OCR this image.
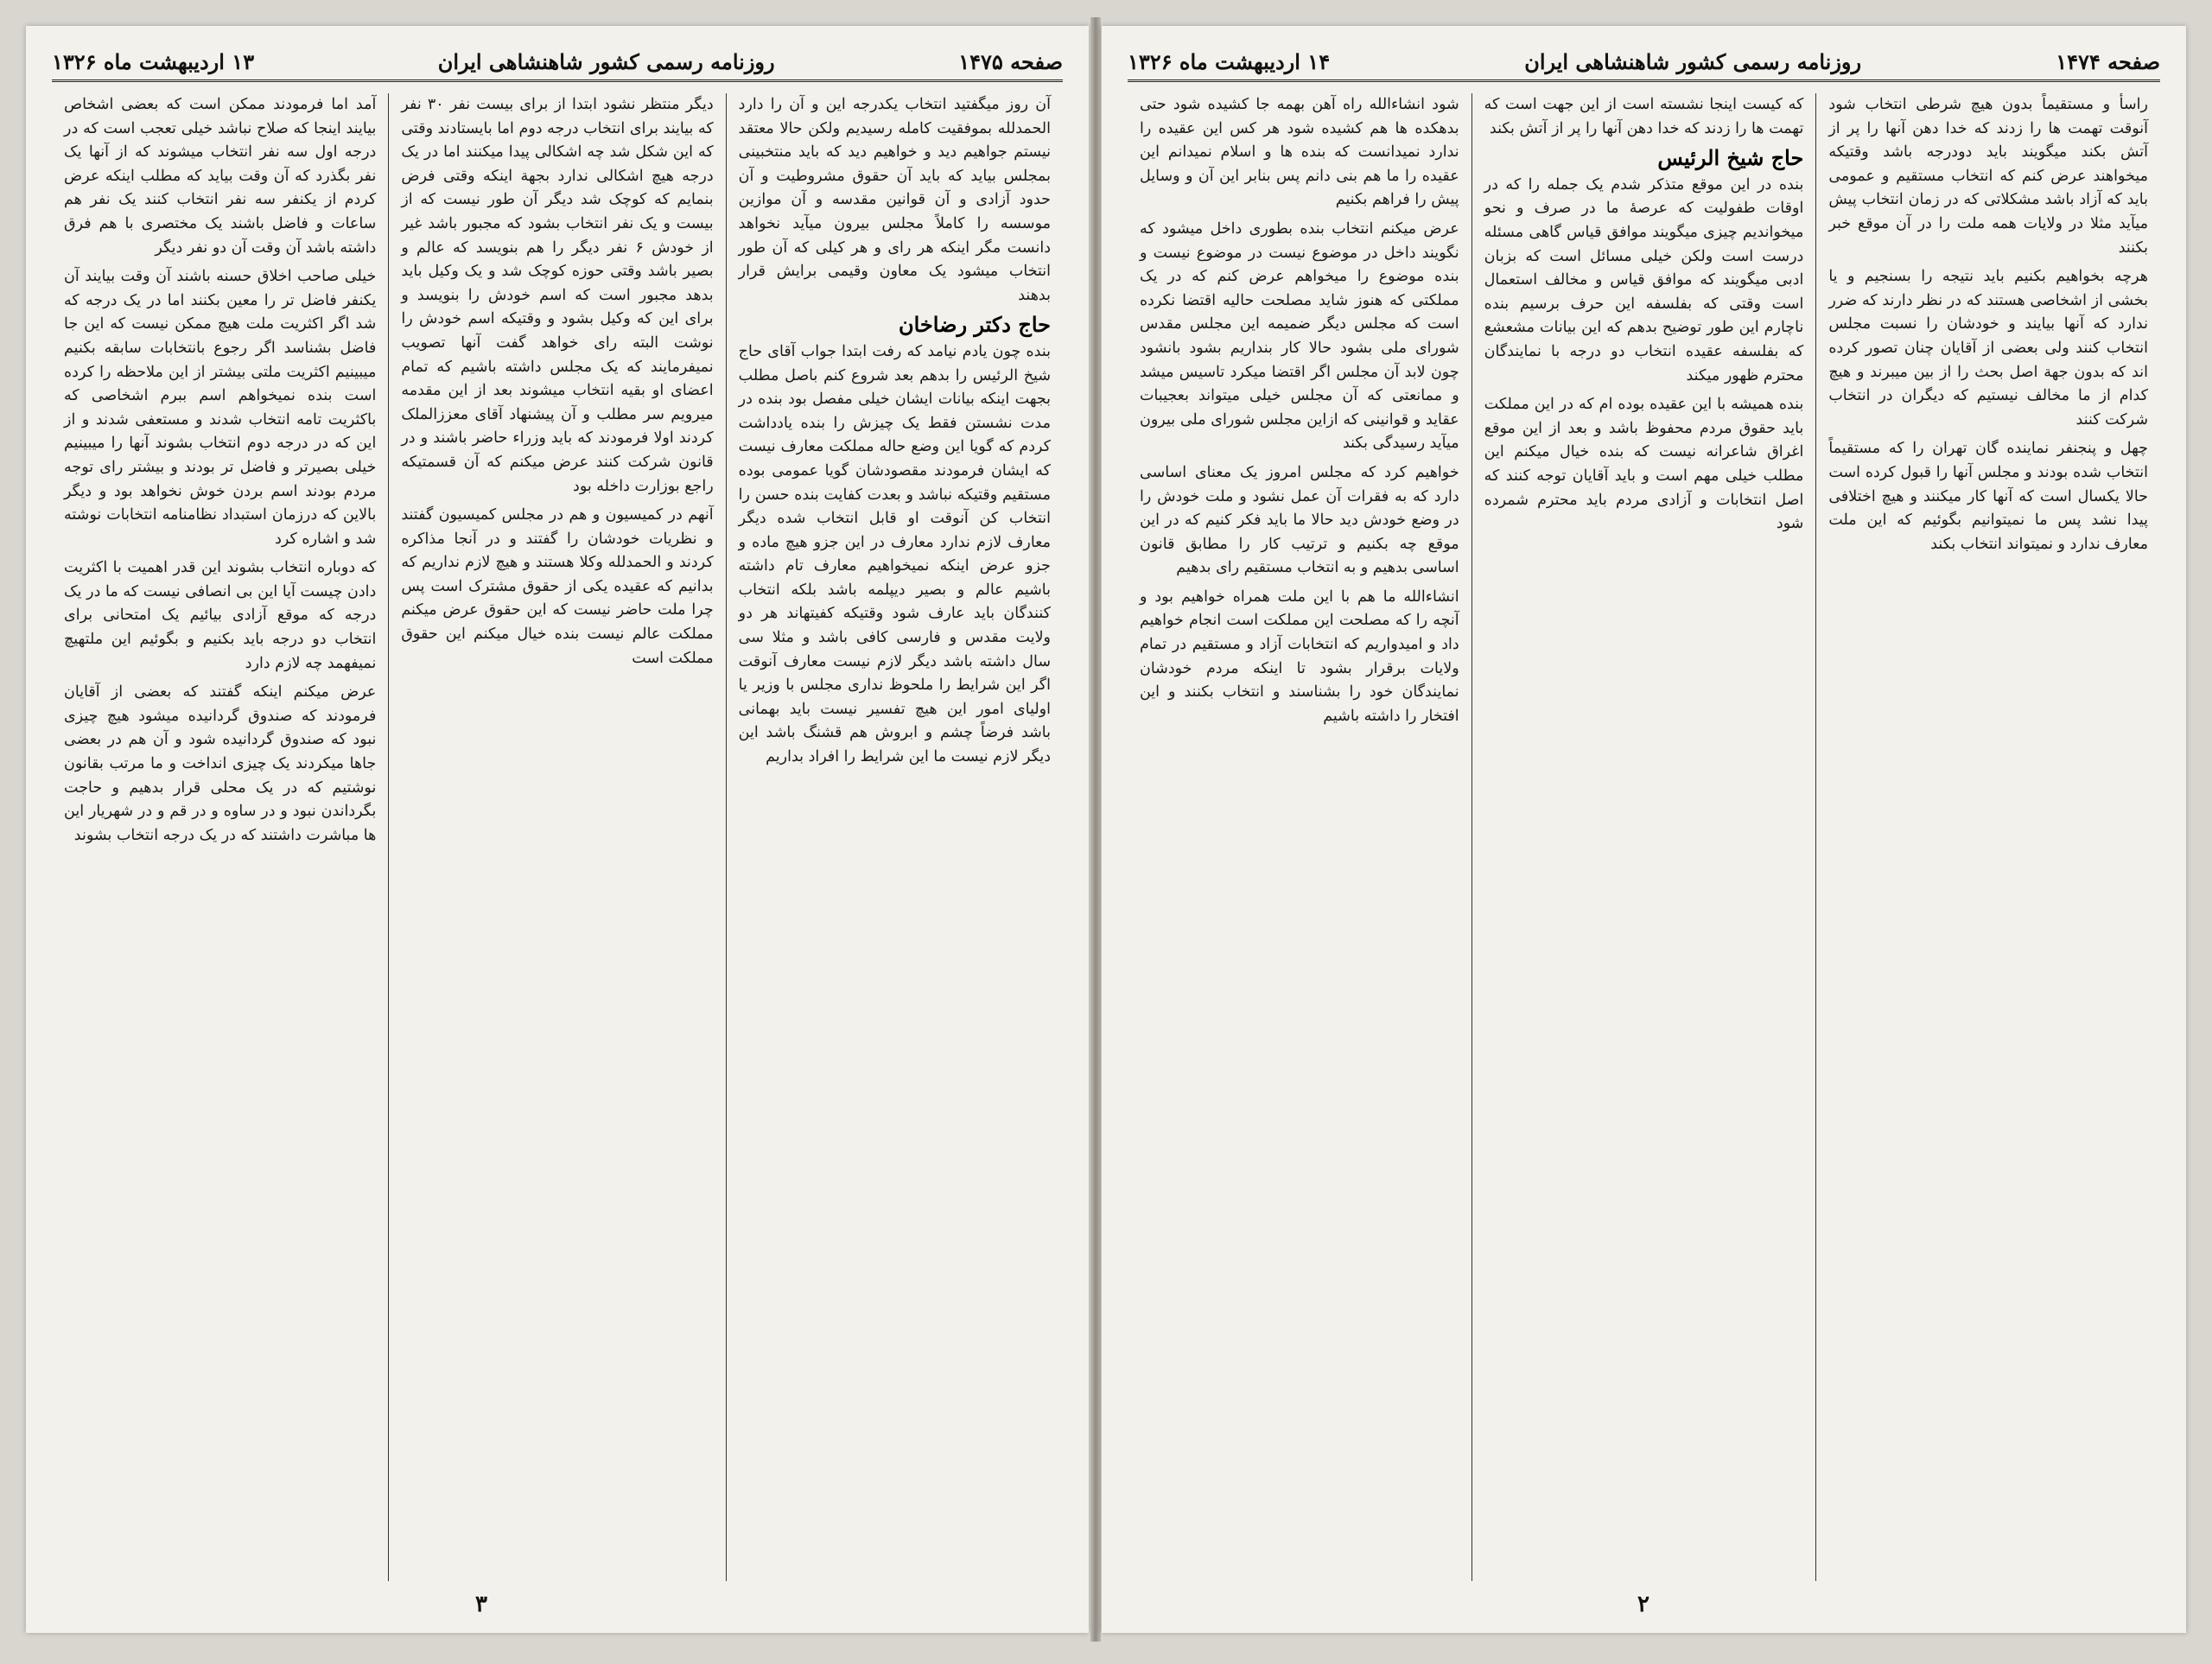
صفحه ۱۴۷۵
روزنامه رسمی کشور شاهنشاهی ایران
۱۳ اردیبهشت ماه ۱۳۲۶

آن روز میگفتید انتخاب یکدرجه این و آن را دارد الحمدلله بموفقیت کامله رسیدیم ولکن حالا معتقد نیستم جواهیم دید و خواهیم دید که باید منتخبینی بمجلس بیاید که باید آن حقوق مشروطیت و آن حدود آزادی و آن قوانین مقدسه و آن موازین موسسه را کاملاً مجلس بیرون میآید نخواهد دانست مگر اینکه هر رای و هر کیلی که آن طور انتخاب میشود یک معاون وقیمی برایش قرار بدهند

حاج دکتر رضاخان

بنده چون یادم نیامد که رفت ابتدا جواب آقای حاج شیخ الرئیس را بدهم بعد شروع کنم باصل مطلب بجهت اینکه بیانات ایشان خیلی مفصل بود بنده در مدت نشستن فقط یک چیزش را بنده یادداشت کردم که گویا این وضع حاله مملکت معارف نیست که ایشان فرمودند مقصودشان گویا عمومی بوده مستقیم وقتیکه نباشد و بعدت کفایت بنده حسن را انتخاب کن آنوقت او قابل انتخاب شده دیگر معارف لازم ندارد معارف در این جزو هیچ ماده و جزو عرض اینکه نمیخواهیم معارف تام داشته باشیم عالم و بصیر دیپلمه باشد بلکه انتخاب کنندگان باید عارف شود وقتیکه کفیتهاند هر دو ولایت مقدس و فارسی کافی باشد و مثلا سی سال داشته باشد دیگر لازم نیست معارف آنوقت اگر این شرایط را ملحوظ نداری مجلس با وزیر یا اولیای امور این هیچ تفسیر نیست باید بهمانی باشد فرضاً چشم و ابروش هم قشنگ باشد این دیگر لازم نیست ما این شرایط را افراد بداریم

دیگر منتظر نشود ابتدا از برای بیست نفر ۳۰ نفر که بیایند برای انتخاب درجه دوم اما بایستادند وقتی که این شکل شد چه اشکالی پیدا میکنند اما در یک درجه هیچ اشکالی ندارد بجهة اینکه وقتی فرض بنمایم که کوچک شد دیگر آن طور نیست که از بیست و یک نفر انتخاب بشود که مجبور باشد غیر از خودش ۶ نفر دیگر را هم بنویسد که عالم و بصیر باشد وقتی حوزه کوچک شد و یک وکیل باید بدهد مجبور است که اسم خودش را بنویسد و برای این که وکیل بشود و وقتیکه اسم خودش را نوشت البته رای خواهد گفت آنها تصویب نمیفرمایند که یک مجلس داشته باشیم که تمام اعضای او بقیه انتخاب میشوند بعد از این مقدمه میرویم سر مطلب و آن پیشنهاد آقای معززالملک کردند اولا فرمودند که باید وزراء حاضر باشند و در قانون شرکت کنند عرض میکنم که آن قسمتیکه راجع بوزارت داخله بود

آنهم در کمیسیون و هم در مجلس کمیسیون گفتند و نظریات خودشان را گفتند و در آنجا مذاکره کردند و الحمدلله وکلا هستند و هیچ لازم نداریم که بدانیم که عقیده یکی از حقوق مشترک است پس چرا ملت حاضر نیست که این حقوق عرض میکنم مملکت عالم نیست بنده خیال میکنم این حقوق مملکت است

آمد اما فرمودند ممکن است که بعضی اشخاص بیایند اینجا که صلاح نباشد خیلی تعجب است که در درجه اول سه نفر انتخاب میشوند که از آنها یک نفر بگذرد که آن وقت بیاید که مطلب اینکه عرض کردم از یکنفر سه نفر انتخاب کنند یک نفر هم ساعات و فاضل باشند یک مختصری با هم فرق داشته باشد آن وقت آن دو نفر دیگر

خیلی صاحب اخلاق حسنه باشند آن وقت بیایند آن یکنفر فاضل تر را معین بکنند اما در یک درجه که شد اگر اکثریت ملت هیچ ممکن نیست که این جا فاضل بشناسد اگر رجوع بانتخابات سابقه بکنیم میبینیم اکثریت ملتی بیشتر از این ملاحظه را کرده است بنده نمیخواهم اسم ببرم اشخاصی که باکثریت تامه انتخاب شدند و مستعفی شدند و از این که در درجه دوم انتخاب بشوند آنها را میبینیم خیلی بصیرتر و فاضل تر بودند و بیشتر رای توجه مردم بودند اسم بردن خوش نخواهد بود و دیگر بالاین که درزمان استبداد نظامنامه انتخابات نوشته شد و اشاره کرد

که دوباره انتخاب بشوند این قدر اهمیت با اکثریت دادن چیست آیا این بی انصافی نیست که ما در یک درجه که موقع آزادی بیائیم یک امتحانی برای انتخاب دو درجه باید بکنیم و بگوئیم این ملتهیچ نمیفهمد چه لازم دارد

عرض میکنم اینکه گفتند که بعضی از آقایان فرمودند که صندوق گردانیده میشود هیچ چیزی نبود که صندوق گردانیده شود و آن هم در بعضی جاها میکردند یک چیزی انداخت و ما مرتب بقانون نوشتیم که در یک محلی قرار بدهیم و حاجت بگرداندن نبود و در ساوه و در قم و در شهریار این ها مباشرت داشتند که در یک درجه انتخاب بشوند

۳
صفحه ۱۴۷۴
روزنامه رسمی کشور شاهنشاهی ایران
۱۴ اردیبهشت ماه ۱۳۲۶

راسأ و مستقیماً بدون هیچ شرطی انتخاب شود آنوقت تهمت ها را زدند که خدا دهن آنها را پر از آتش بکند میگویند باید دودرجه باشد وقتیکه میخواهند عرض کنم که انتخاب مستقیم و عمومی باید که آزاد باشد مشکلاتی که در زمان انتخاب پیش میآید مثلا در ولایات همه ملت را در آن موقع خبر بکنند

هرچه بخواهیم بکنیم باید نتیجه را بسنجیم و یا بخشی از اشخاصی هستند که در نظر دارند که ضرر ندارد که آنها بیایند و خودشان را نسبت مجلس انتخاب کنند ولی بعضی از آقایان چنان تصور کرده اند که بدون جهة اصل بحث را از بین میبرند و هیچ کدام از ما مخالف نیستیم که دیگران در انتخاب شرکت کنند

چهل و پنجنفر نماینده گان تهران را که مستقیماً انتخاب شده بودند و مجلس آنها را قبول کرده است حالا یکسال است که آنها کار میکنند و هیچ اختلافی پیدا نشد پس ما نمیتوانیم بگوئیم که این ملت معارف ندارد و نمیتواند انتخاب بکند

که کیست اینجا نشسته است از این جهت است که تهمت ها را زدند که خدا دهن آنها را پر از آتش بکند

حاج شیخ الرئیس

بنده در این موقع متذکر شدم یک جمله را که در اوقات طفولیت که عرصهٔ ما در صرف و نحو میخواندیم چیزی میگویند موافق قیاس گاهی مسئله درست است ولکن خیلی مسائل است که بزبان ادبی میگویند که موافق قیاس و مخالف استعمال است وقتی که بفلسفه این حرف برسیم بنده ناچارم این طور توضیح بدهم که این بیانات مشعشع که بفلسفه عقیده انتخاب دو درجه با نمایندگان محترم ظهور میکند

بنده همیشه با این عقیده بوده ام که در این مملکت باید حقوق مردم محفوظ باشد و بعد از این موقع اغراق شاعرانه نیست که بنده خیال میکنم این مطلب خیلی مهم است و باید آقایان توجه کنند که اصل انتخابات و آزادی مردم باید محترم شمرده شود

شود انشاءالله راه آهن بهمه جا کشیده شود حتی بدهکده ها هم کشیده شود هر کس این عقیده را ندارد نمیدانست که بنده ها و اسلام نمیدانم این عقیده را ما هم بنی دانم پس بنابر این آن و وسایل پیش را فراهم بکنیم

عرض میکنم انتخاب بنده بطوری داخل میشود که نگویند داخل در موضوع نیست در موضوع نیست و بنده موضوع را میخواهم عرض کنم که در یک مملکتی که هنوز شاید مصلحت حالیه اقتضا نکرده است که مجلس دیگر ضمیمه این مجلس مقدس شورای ملی بشود حالا کار بنداریم بشود بانشود چون لابد آن مجلس اگر اقتضا میکرد تاسیس میشد و ممانعتی که آن مجلس خیلی میتواند بعجیبات عقاید و قوانینی که ازاین مجلس شورای ملی بیرون میآید رسیدگی بکند

خواهیم کرد که مجلس امروز یک معنای اساسی دارد که به فقرات آن عمل نشود و ملت خودش را در وضع خودش دید حالا ما باید فکر کنیم که در این موقع چه بکنیم و ترتیب کار را مطابق قانون اساسی بدهیم و به انتخاب مستقیم رای بدهیم

انشاءالله ما هم با این ملت همراه خواهیم بود و آنچه را که مصلحت این مملکت است انجام خواهیم داد و امیدواریم که انتخابات آزاد و مستقیم در تمام ولایات برقرار بشود تا اینکه مردم خودشان نمایندگان خود را بشناسند و انتخاب بکنند و این افتخار را داشته باشیم

۲
